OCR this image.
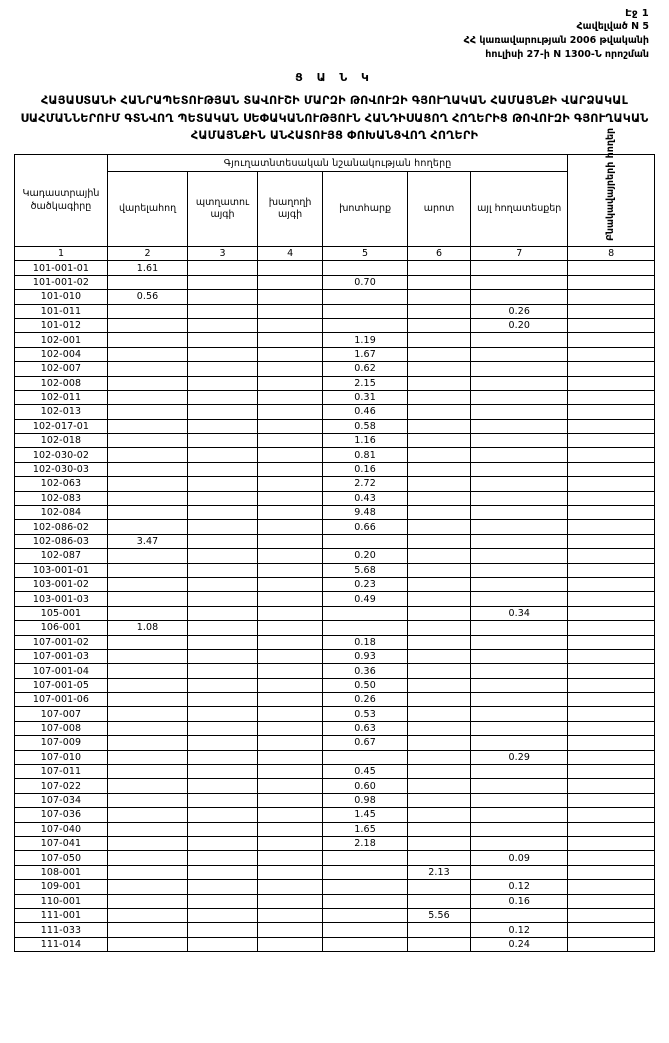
Էջ 1
Հավելված N 5
ՀՀ կառավարության 2006 թվականի
հուլիսի 27-ի N 1300-Ն որոշման
Ց Ա Ն Կ
ՀԱՅԱՍՏԱՆԻ ՀԱՆՐԱՊԵՏՈՒԹՅԱՆ ՏԱՎՈՒՇԻ ՄԱՐԶԻ ԹՈՎՈՒԶԻ ԳՅՈՒՂԱԿԱՆ ՀԱՄԱՅՆՔԻ ՎԱՐՁԱԿԱԼ ՍԱՀՄԱՆՆԵՐՈՒՄ ԳՏՆՎՈՂ ՊԵՏԱԿԱՆ ՍԵՓԱԿԱՆՈՒԹՅՈՒՆ ՀԱՆԴԻՍԱՑՈՂ ՀՈՂԵՐԻՑ ԹՈՎՈՒԶԻ ԳՅՈՒՂԱԿԱՆ ՀԱՄԱՅՆՔԻՆ ԱՆՀԱՏՈՒՅՑ ՓՈԽԱՆՑՎՈՂ ՀՈՂԵՐԻ
Կադաստրային ծածկագիրը	Գյուղատնտեսական նշանակության հողերը						Բնակավայրերի հողեր
	վարելահող	պտղատու այգի	խաղողի այգի	խոտհարք	արոտ	այլ հողատեսքեր	
1	2	3	4	5	6	7	8
101-001-01	1.61						
101-001-02				0.70			
101-010	0.56						
101-011						0.26	
101-012						0.20	
102-001				1.19			
102-004				1.67			
102-007				0.62			
102-008				2.15			
102-011				0.31			
102-013				0.46			
102-017-01				0.58			
102-018				1.16			
102-030-02				0.81			
102-030-03				0.16			
102-063				2.72			
102-083				0.43			
102-084				9.48			
102-086-02				0.66			
102-086-03	3.47						
102-087				0.20			
103-001-01				5.68			
103-001-02				0.23			
103-001-03				0.49			
105-001						0.34	
106-001	1.08						
107-001-02				0.18			
107-001-03				0.93			
107-001-04				0.36			
107-001-05				0.50			
107-001-06				0.26			
107-007				0.53			
107-008				0.63			
107-009				0.67			
107-010						0.29	
107-011				0.45			
107-022				0.60			
107-034				0.98			
107-036				1.45			
107-040				1.65			
107-041				2.18			
107-050						0.09	
108-001					2.13		
109-001						0.12	
110-001						0.16	
111-001					5.56		
111-033						0.12	
111-014						0.24	
